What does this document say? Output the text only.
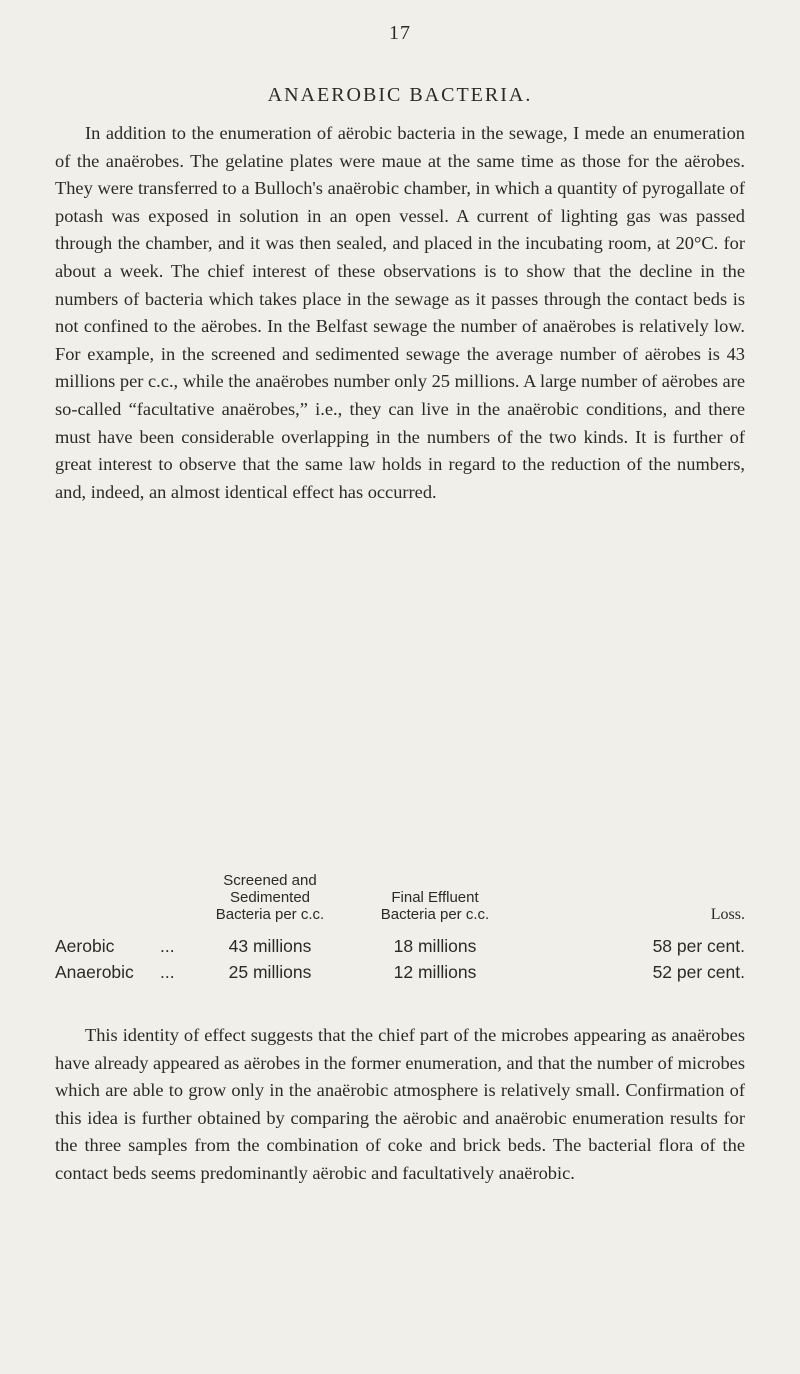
17
ANAEROBIC BACTERIA.

In addition to the enumeration of aërobic bacteria in the sewage, I mede an enumeration of the anaërobes. The gelatine plates were maue at the same time as those for the aërobes. They were transferred to a Bulloch's anaërobic chamber, in which a quantity of pyrogallate of potash was exposed in solution in an open vessel. A current of lighting gas was passed through the chamber, and it was then sealed, and placed in the incubating room, at 20°C. for about a week. The chief interest of these observations is to show that the decline in the numbers of bacteria which takes place in the sewage as it passes through the contact beds is not confined to the aërobes. In the Belfast sewage the number of anaërobes is relatively low. For example, in the screened and sedimented sewage the average number of aërobes is 43 millions per c.c., while the anaërobes number only 25 millions. A large number of aërobes are so-called “facultative anaërobes,” i.e., they can live in the anaërobic conditions, and there must have been considerable overlapping in the numbers of the two kinds. It is further of great interest to observe that the same law holds in regard to the reduction of the numbers, and, indeed, an almost identical effect has occurred.

Screened and
Sedimented
Bacteria per c.c.
Final Effluent
Bacteria per c.c.	Loss.
Aerobic	...	43 millions	18 millions	58 per cent.
Anaerobic ...	25 millions	12 millions	52 per cent.

This identity of effect suggests that the chief part of the microbes appearing as anaërobes have already appeared as aërobes in the former enumeration, and that the number of microbes which are able to grow only in the anaërobic atmosphere is relatively small. Confirmation of this idea is further obtained by comparing the aërobic and anaërobic enumeration results for the three samples from the combination of coke and brick beds. The bacterial flora of the contact beds seems predominantly aërobic and facultatively anaërobic.
